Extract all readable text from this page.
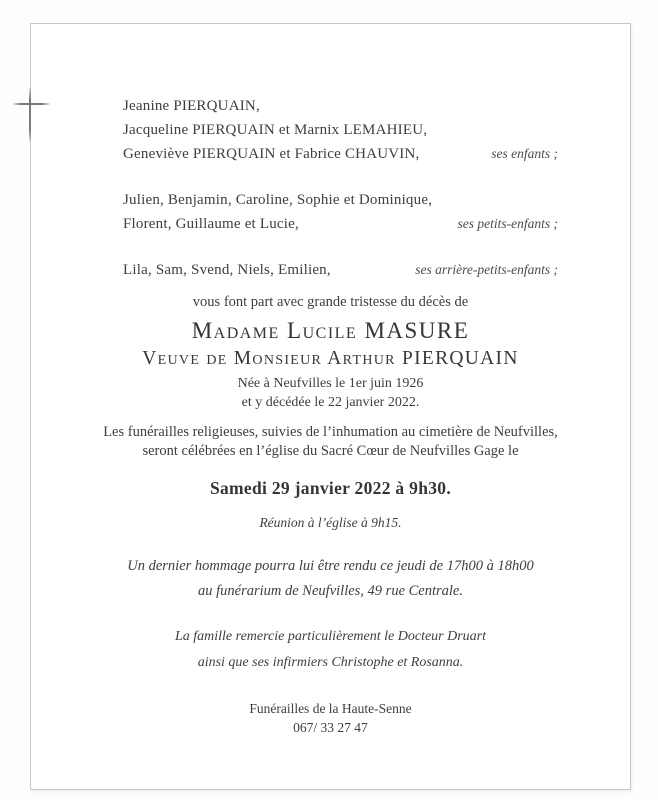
Jeanine PIERQUAIN,
Jacqueline PIERQUAIN et Marnix LEMAHIEU,
Geneviève PIERQUAIN et Fabrice CHAUVIN,	ses enfants ;
Julien, Benjamin, Caroline, Sophie et Dominique,
Florent, Guillaume et Lucie,	ses petits-enfants ;
Lila, Sam, Svend, Niels, Emilien,	ses arrière-petits-enfants ;
vous font part avec grande tristesse du décès de
Madame Lucile MASURE
Veuve de Monsieur Arthur PIERQUAIN
Née à Neufvilles le 1er juin 1926
et y décédée le 22 janvier 2022.
Les funérailles religieuses, suivies de l’inhumation au cimetière de Neufvilles,
seront célébrées en l’église du Sacré Cœur de Neufvilles Gage le
Samedi 29 janvier 2022 à 9h30.
Réunion à l’église à 9h15.
Un dernier hommage pourra lui être rendu ce jeudi de 17h00 à 18h00
au funérarium de Neufvilles, 49 rue Centrale.
La famille remercie particulièrement le Docteur Druart
ainsi que ses infirmiers Christophe et Rosanna.
Funérailles de la Haute-Senne
067/ 33 27 47
